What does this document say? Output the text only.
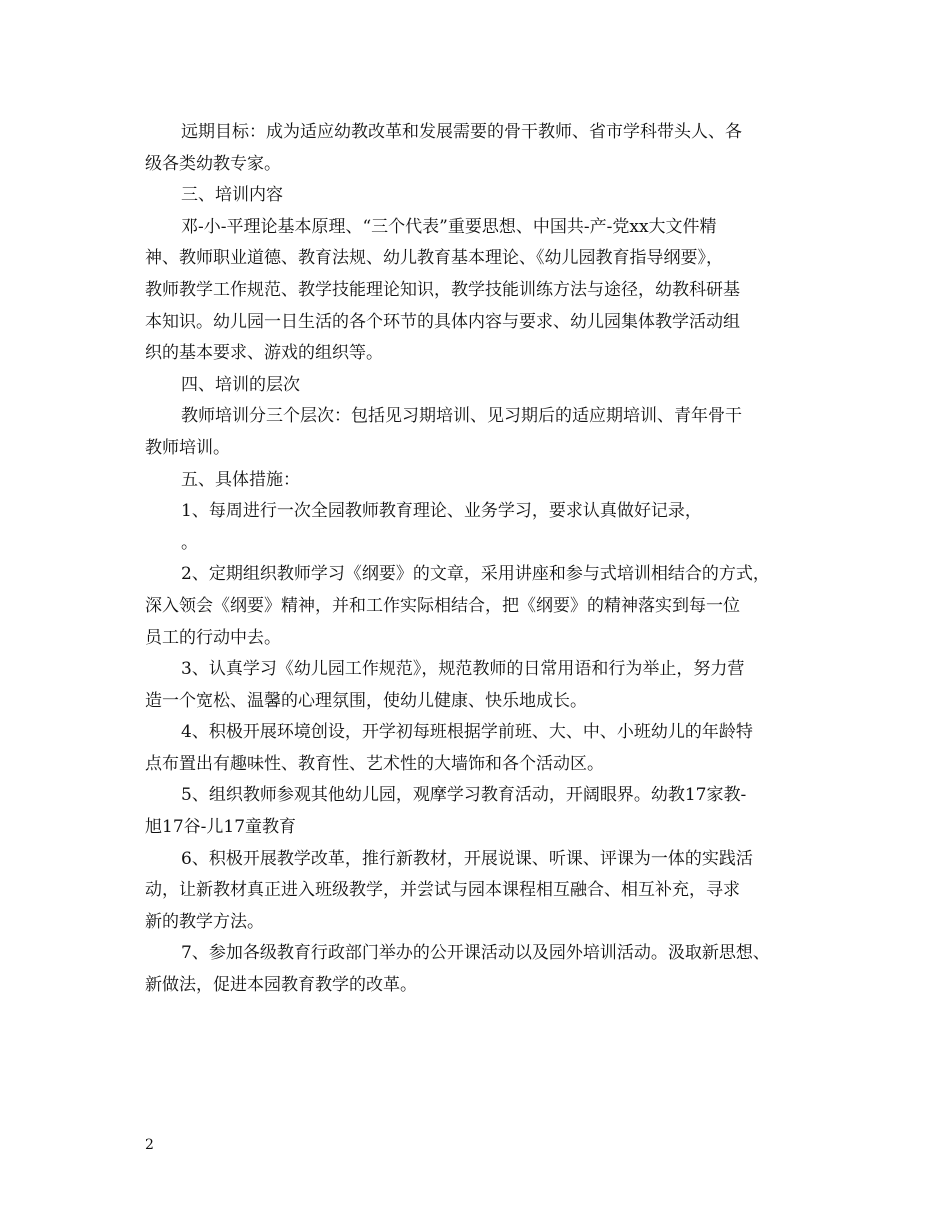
远期目标：成为适应幼教改革和发展需要的骨干教师、省市学科带头人、各
级各类幼教专家。
三、培训内容
邓-小-平理论基本原理、“三个代表”重要思想、中国共-产-党xx大文件精
神、教师职业道德、教育法规、幼儿教育基本理论、《幼儿园教育指导纲要》，
教师教学工作规范、教学技能理论知识，教学技能训练方法与途径，幼教科研基
本知识。幼儿园一日生活的各个环节的具体内容与要求、幼儿园集体教学活动组
织的基本要求、游戏的组织等。
四、培训的层次
教师培训分三个层次：包括见习期培训、见习期后的适应期培训、青年骨干
教师培训。
五、具体措施：
1、每周进行一次全园教师教育理论、业务学习，要求认真做好记录，
。
2、定期组织教师学习《纲要》的文章，采用讲座和参与式培训相结合的方式，
深入领会《纲要》精神，并和工作实际相结合，把《纲要》的精神落实到每一位
员工的行动中去。
3、认真学习《幼儿园工作规范》，规范教师的日常用语和行为举止，努力营
造一个宽松、温馨的心理氛围，使幼儿健康、快乐地成长。
4、积极开展环境创设，开学初每班根据学前班、大、中、小班幼儿的年龄特
点布置出有趣味性、教育性、艺术性的大墙饰和各个活动区。
5、组织教师参观其他幼儿园，观摩学习教育活动，开阔眼界。幼教17家教-
旭17谷-儿17童教育
6、积极开展教学改革，推行新教材，开展说课、听课、评课为一体的实践活
动，让新教材真正进入班级教学，并尝试与园本课程相互融合、相互补充，寻求
新的教学方法。
7、参加各级教育行政部门举办的公开课活动以及园外培训活动。汲取新思想、
新做法，促进本园教育教学的改革。
2
